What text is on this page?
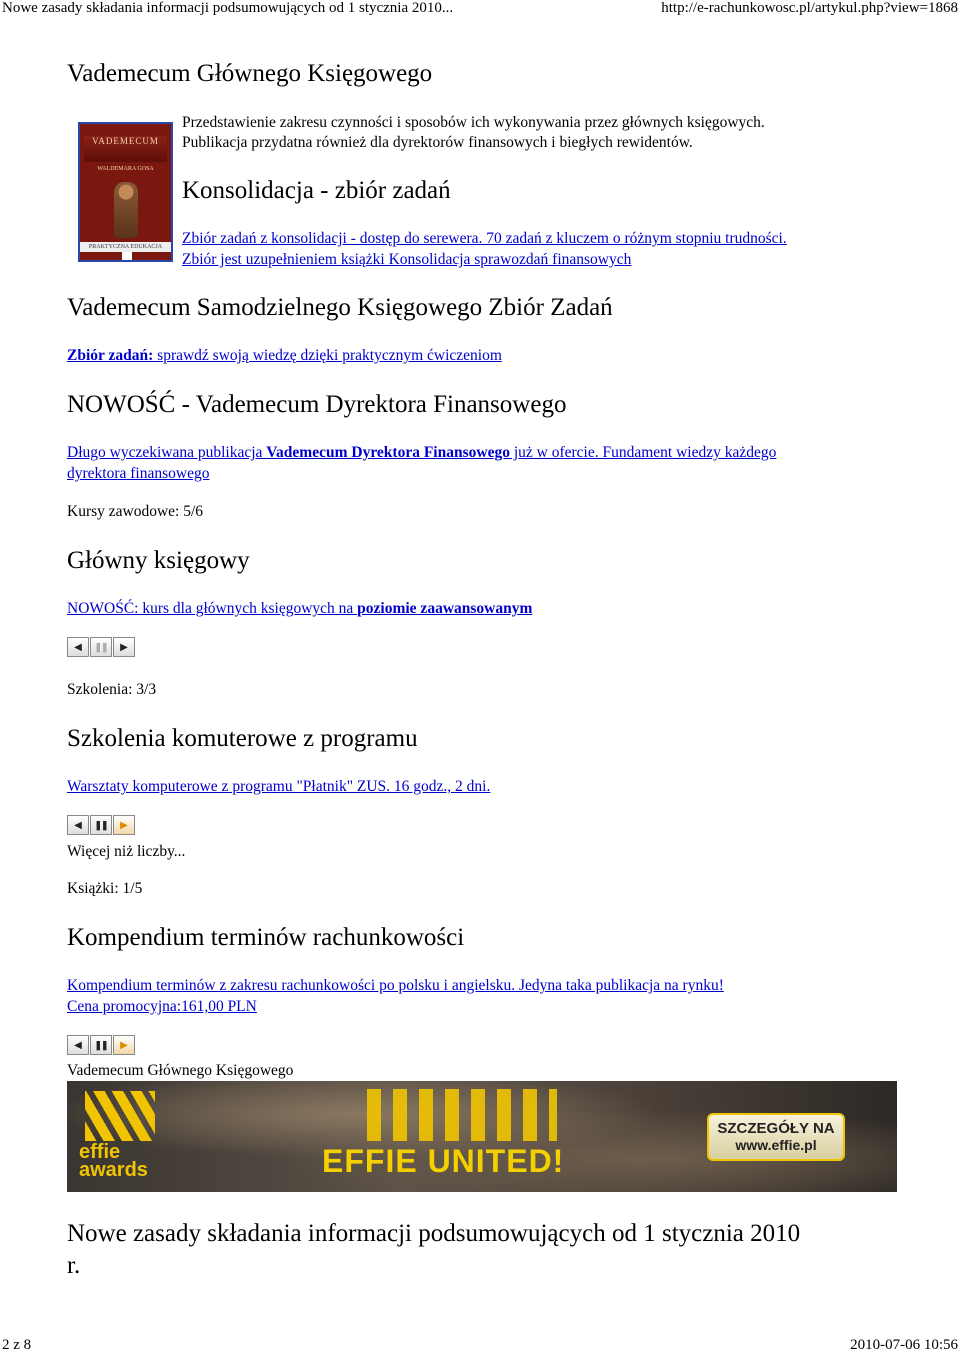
Nowe zasady składania informacji podsumowujących od 1 stycznia 2010...	http://e-rachunkowosc.pl/artykul.php?view=1868
Vademecum Głównego Księgowego
VADEMECUM
WALDEMARA GOSA
PRAKTYCZNA EDUKACJA
Przedstawienie zakresu czynności i sposobów ich wykonywania przez głównych księgowych.
Publikacja przydatna również dla dyrektorów finansowych i biegłych rewidentów.
Konsolidacja - zbiór zadań
Zbiór zadań z konsolidacji - dostęp do serewera. 70 zadań z kluczem o różnym stopniu trudności.
Zbiór jest uzupełnieniem książki Konsolidacja sprawozdań finansowych
Vademecum Samodzielnego Księgowego Zbiór Zadań
Zbiór zadań: sprawdź swoją wiedzę dzięki praktycznym ćwiczeniom
NOWOŚĆ - Vademecum Dyrektora Finansowego
Długo wyczekiwana publikacja Vademecum Dyrektora Finansowego już w ofercie. Fundament wiedzy każdego
dyrektora finansowego
Kursy zawodowe: 5/6
Główny księgowy
NOWOŚĆ: kurs dla głównych księgowych na poziomie zaawansowanym
◀	❚❚	▶
Szkolenia: 3/3
Szkolenia komuterowe z programu
Warsztaty komputerowe z programu "Płatnik" ZUS. 16 godz., 2 dni.
◀	❚❚	▶
Więcej niż liczby...
Książki: 1/5
Kompendium terminów rachunkowości
Kompendium terminów z zakresu rachunkowości po polsku i angielsku. Jedyna taka publikacja na rynku!
Cena promocyjna:161,00 PLN
◀	❚❚	▶
Vademecum Głównego Księgowego
effie awards	EFFIE UNITED!
SZCZEGÓŁY NA
www.effie.pl
Nowe zasady składania informacji podsumowujących od 1 stycznia 2010
r.
2 z 8	2010-07-06 10:56
